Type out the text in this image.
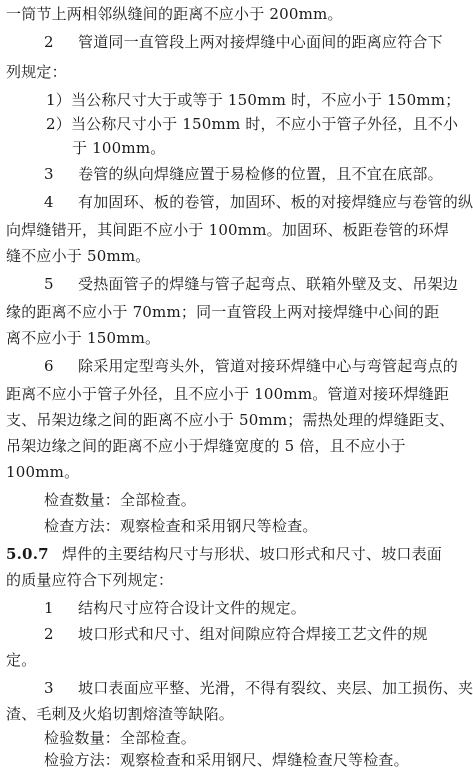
一筒节上两相邻纵缝间的距离不应小于 200mm。
2	管道同一直管段上两对接焊缝中心面间的距离应符合下
列规定：
1）当公称尺寸大于或等于 150mm 时，不应小于 150mm；
2）当公称尺寸小于 150mm 时，不应小于管子外径，且不小
于 100mm。
3	卷管的纵向焊缝应置于易检修的位置，且不宜在底部。
4	有加固环、板的卷管，加固环、板的对接焊缝应与卷管的纵
向焊缝错开，其间距不应小于 100mm。加固环、板距卷管的环焊
缝不应小于 50mm。
5	受热面管子的焊缝与管子起弯点、联箱外壁及支、吊架边
缘的距离不应小于 70mm；同一直管段上两对接焊缝中心间的距
离不应小于 150mm。
6	除采用定型弯头外，管道对接环焊缝中心与弯管起弯点的
距离不应小于管子外径，且不应小于 100mm。管道对接环焊缝距
支、吊架边缘之间的距离不应小于 50mm；需热处理的焊缝距支、
吊架边缘之间的距离不应小于焊缝宽度的 5 倍，且不应小于
100mm。
检查数量：全部检查。
检查方法：观察检查和采用钢尺等检查。
5.0.7 焊件的主要结构尺寸与形状、坡口形式和尺寸、坡口表面
的质量应符合下列规定：
1	结构尺寸应符合设计文件的规定。
2	坡口形式和尺寸、组对间隙应符合焊接工艺文件的规
定。
3	坡口表面应平整、光滑，不得有裂纹、夹层、加工损伤、夹
渣、毛刺及火焰切割熔渣等缺陷。
检验数量：全部检查。
检验方法：观察检查和采用钢尺、焊缝检查尺等检查。
